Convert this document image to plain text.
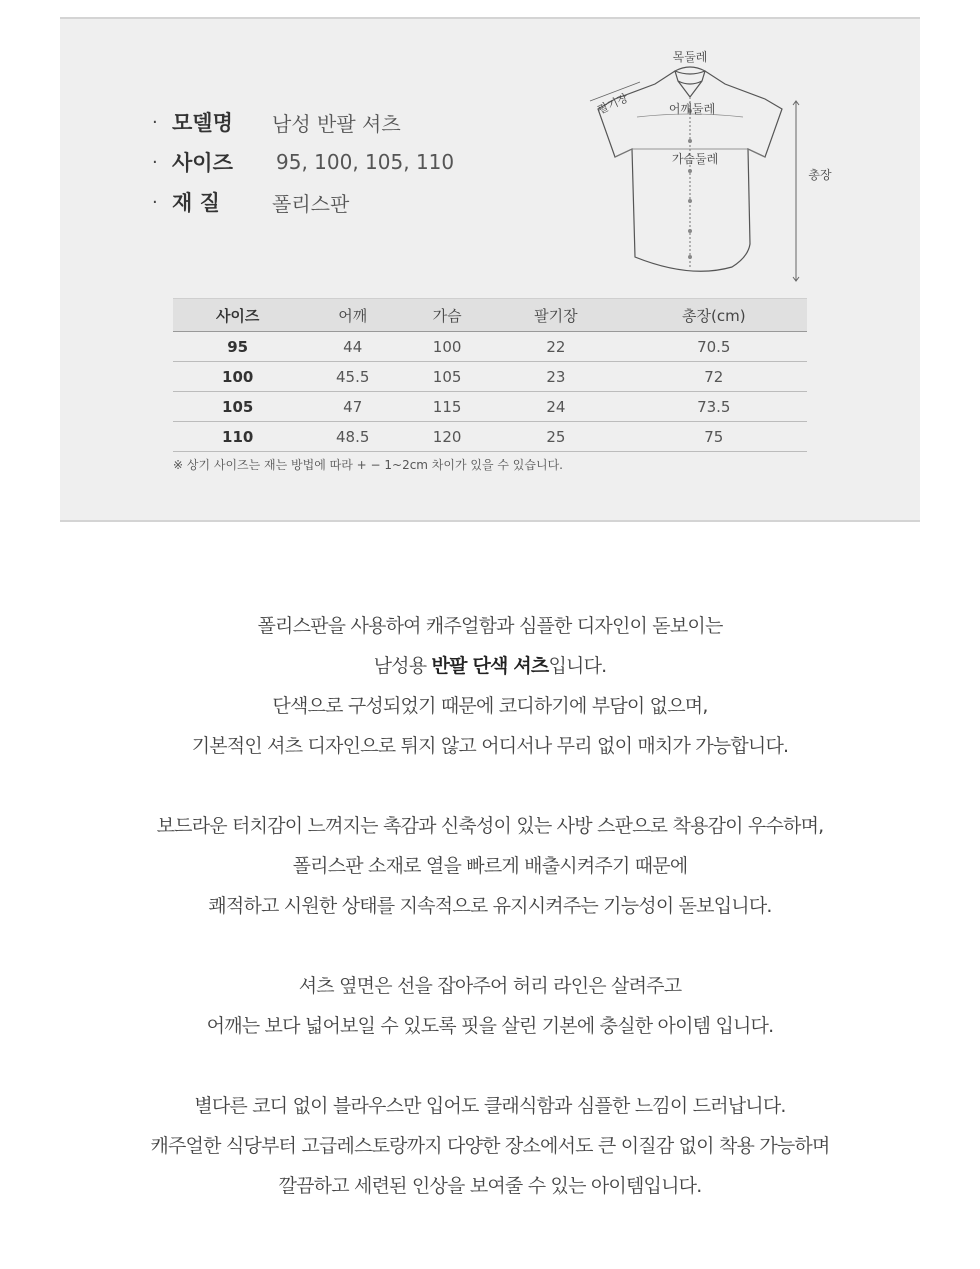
· 모델명	남성 반팔 셔츠
· 사이즈	95, 100, 105, 110
· 재 질	폴리스판
목둘레
팔기장	어깨둘레
가슴둘레
총장
사이즈	어깨	가슴	팔기장	총장(cm)
95	44	100	22	70.5
100	45.5	105	23	72
105	47	115	24	73.5
110	48.5	120	25	75
※ 상기 사이즈는 재는 방법에 따라 + − 1~2cm 차이가 있을 수 있습니다.
폴리스판을 사용하여 캐주얼함과 심플한 디자인이 돋보이는
남성용 반팔 단색 셔츠입니다.
단색으로 구성되었기 때문에 코디하기에 부담이 없으며,
기본적인 셔츠 디자인으로 튀지 않고 어디서나 무리 없이 매치가 가능합니다.
보드라운 터치감이 느껴지는 촉감과 신축성이 있는 사방 스판으로 착용감이 우수하며,
폴리스판 소재로 열을 빠르게 배출시켜주기 때문에
쾌적하고 시원한 상태를 지속적으로 유지시켜주는 기능성이 돋보입니다.
셔츠 옆면은 선을 잡아주어 허리 라인은 살려주고
어깨는 보다 넓어보일 수 있도록 핏을 살린 기본에 충실한 아이템 입니다.
별다른 코디 없이 블라우스만 입어도 클래식함과 심플한 느낌이 드러납니다.
캐주얼한 식당부터 고급레스토랑까지 다양한 장소에서도 큰 이질감 없이 착용 가능하며
깔끔하고 세련된 인상을 보여줄 수 있는 아이템입니다.
